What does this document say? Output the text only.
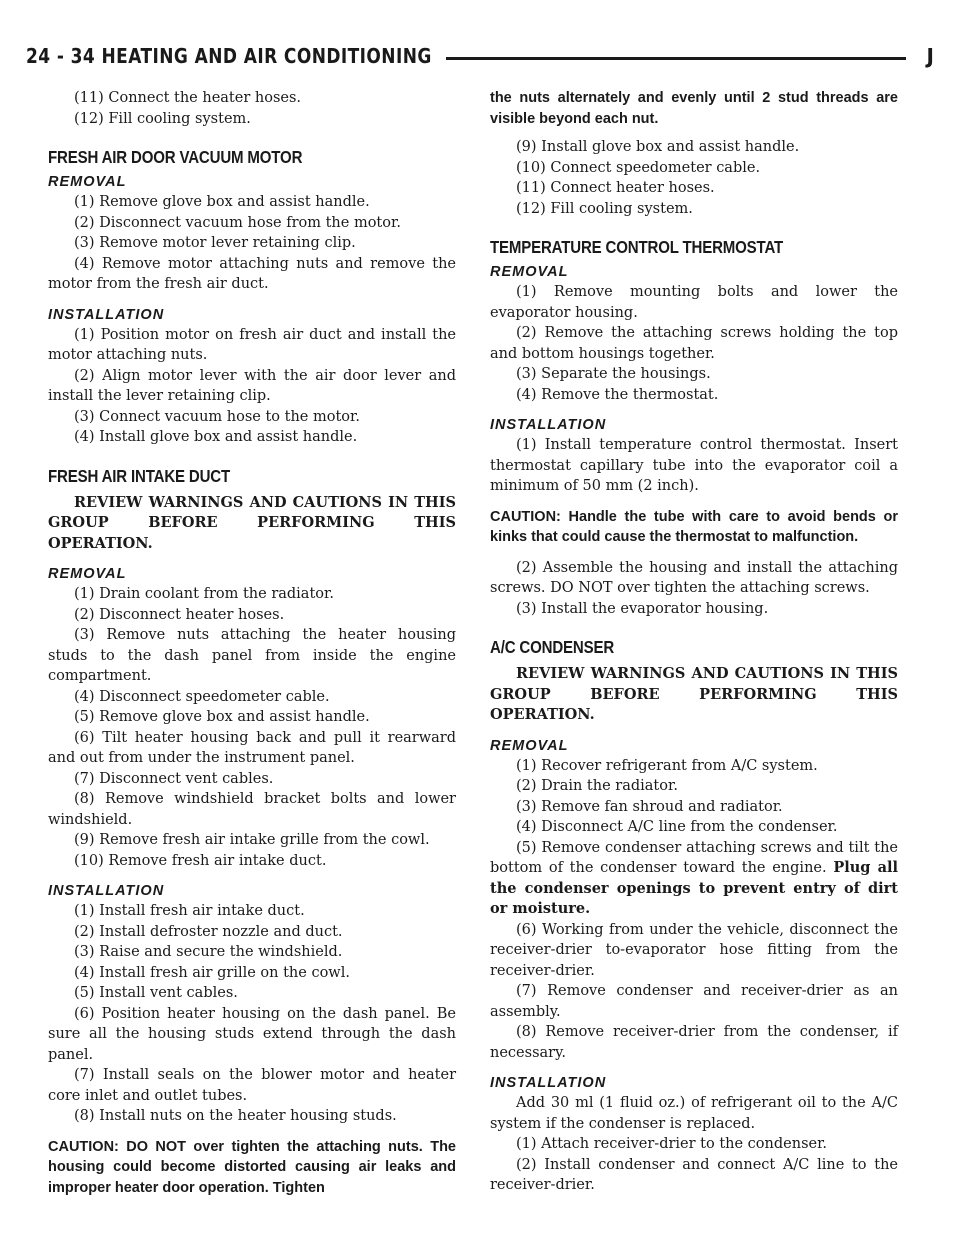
24 - 34 HEATING AND AIR CONDITIONING	J

(11) Connect the heater hoses.

(12) Fill cooling system.

FRESH AIR DOOR VACUUM MOTOR
REMOVAL

(1) Remove glove box and assist handle.

(2) Disconnect vacuum hose from the motor.

(3) Remove motor lever retaining clip.

(4) Remove motor attaching nuts and remove the motor from the fresh air duct.

INSTALLATION

(1) Position motor on fresh air duct and install the motor attaching nuts.

(2) Align motor lever with the air door lever and install the lever retaining clip.

(3) Connect vacuum hose to the motor.

(4) Install glove box and assist handle.

FRESH AIR INTAKE DUCT

REVIEW WARNINGS AND CAUTIONS IN THIS GROUP BEFORE PERFORMING THIS OPERATION.

REMOVAL

(1) Drain coolant from the radiator.

(2) Disconnect heater hoses.

(3) Remove nuts attaching the heater housing studs to the dash panel from inside the engine compartment.

(4) Disconnect speedometer cable.

(5) Remove glove box and assist handle.

(6) Tilt heater housing back and pull it rearward and out from under the instrument panel.

(7) Disconnect vent cables.

(8) Remove windshield bracket bolts and lower windshield.

(9) Remove fresh air intake grille from the cowl.

(10) Remove fresh air intake duct.

INSTALLATION

(1) Install fresh air intake duct.

(2) Install defroster nozzle and duct.

(3) Raise and secure the windshield.

(4) Install fresh air grille on the cowl.

(5) Install vent cables.

(6) Position heater housing on the dash panel. Be sure all the housing studs extend through the dash panel.

(7) Install seals on the blower motor and heater core inlet and outlet tubes.

(8) Install nuts on the heater housing studs.

CAUTION: DO NOT over tighten the attaching nuts. The housing could become distorted causing air leaks and improper heater door operation. Tighten

the nuts alternately and evenly until 2 stud threads are visible beyond each nut.

(9) Install glove box and assist handle.

(10) Connect speedometer cable.

(11) Connect heater hoses.

(12) Fill cooling system.

TEMPERATURE CONTROL THERMOSTAT
REMOVAL

(1) Remove mounting bolts and lower the evaporator housing.

(2) Remove the attaching screws holding the top and bottom housings together.

(3) Separate the housings.

(4) Remove the thermostat.

INSTALLATION

(1) Install temperature control thermostat. Insert thermostat capillary tube into the evaporator coil a minimum of 50 mm (2 inch).

CAUTION: Handle the tube with care to avoid bends or kinks that could cause the thermostat to malfunction.

(2) Assemble the housing and install the attaching screws. DO NOT over tighten the attaching screws.

(3) Install the evaporator housing.

A/C CONDENSER

REVIEW WARNINGS AND CAUTIONS IN THIS GROUP BEFORE PERFORMING THIS OPERATION.

REMOVAL

(1) Recover refrigerant from A/C system.

(2) Drain the radiator.

(3) Remove fan shroud and radiator.

(4) Disconnect A/C line from the condenser.

(5) Remove condenser attaching screws and tilt the bottom of the condenser toward the engine. Plug all the condenser openings to prevent entry of dirt or moisture.

(6) Working from under the vehicle, disconnect the receiver-drier to-evaporator hose fitting from the receiver-drier.

(7) Remove condenser and receiver-drier as an assembly.

(8) Remove receiver-drier from the condenser, if necessary.

INSTALLATION

Add 30 ml (1 fluid oz.) of refrigerant oil to the A/C system if the condenser is replaced.

(1) Attach receiver-drier to the condenser.

(2) Install condenser and connect A/C line to the receiver-drier.
